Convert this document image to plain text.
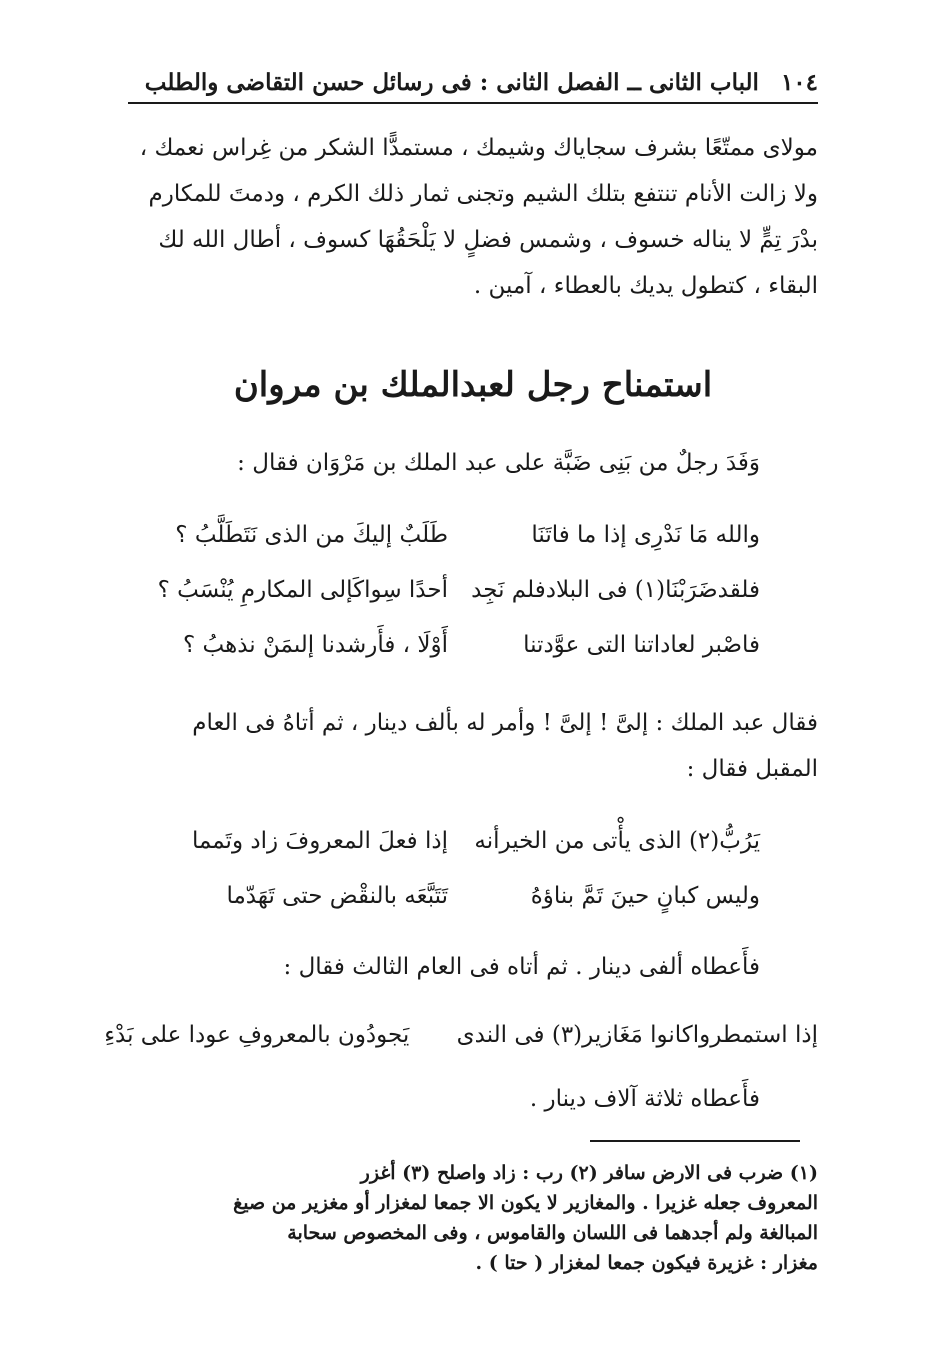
١٠٤
الباب الثانى ــ الفصل الثانى : فى رسائل حسن التقاضى والطلب
مولاى ممتّعًا بشرف سجاياك وشيمك ، مستمدًّا الشكر من غِراس نعمك ،
ولا زالت الأنام تنتفع بتلك الشيم وتجنى ثمار ذلك الكرم ، ودمتَ للمكارم
بدْرَ تِمٍّ لا يناله خسوف ، وشمس فضلٍ لا يَلْحَقُهَا كسوف ، أطال الله لك
البقاء ، كتطول يديك بالعطاء ، آمين .
استمناح رجل لعبدالملك بن مروان
وَفَدَ رجلٌ من بَنِى ضَبَّة على عبد الملك بن مَرْوَان فقال :
والله مَا نَدْرِى إذا ما فاتَنَا
طَلَبٌ إليكَ من الذى نَتَطَلَّبُ ؟
فلقدضَرَبْنَا(١) فى البلادفلم نَجِد
أحدًا سِواكَإلى المكارمِ يُنْسَبُ ؟
فاصْبر لعاداتنا التى عوَّدتنا
أَوْلَا ، فأَرشدنا إلىمَنْ نذهبُ ؟
فقال عبد الملك : إلىَّ ! إلىَّ ! وأمر له بألف دينار ، ثم أتاهُ فى العام
المقبل فقال :
يَرُبُّ(٢) الذى يأْتى من الخيرأنه
إذا فعلَ المعروفَ زاد وتَمما
وليس كبانٍ حينَ تَمَّ بناؤهُ
تَتَبَّعَه بالنقْض حتى تَهَدّما
فأَعطاه ألفى دينار . ثم أتاه فى العام الثالث فقال :
إذا استمطرواكانوا مَغَازير(٣) فى الندى يَجودُون بالمعروفِ عودا على بَدْءِ
فأَعطاه ثلاثة آلاف دينار .
(١) ضرب فى الارض سافر (٢) رب : زاد واصلح (٣) أغزر
المعروف جعله غزيرا . والمغازير لا يكون الا جمعا لمغزار أو مغزير من صيغ
المبالغة ولم أجدهما فى اللسان والقاموس ، وفى المخصوص سحابة
مغزار : غزيرة فيكون جمعا لمغزار ( حتا ) .
